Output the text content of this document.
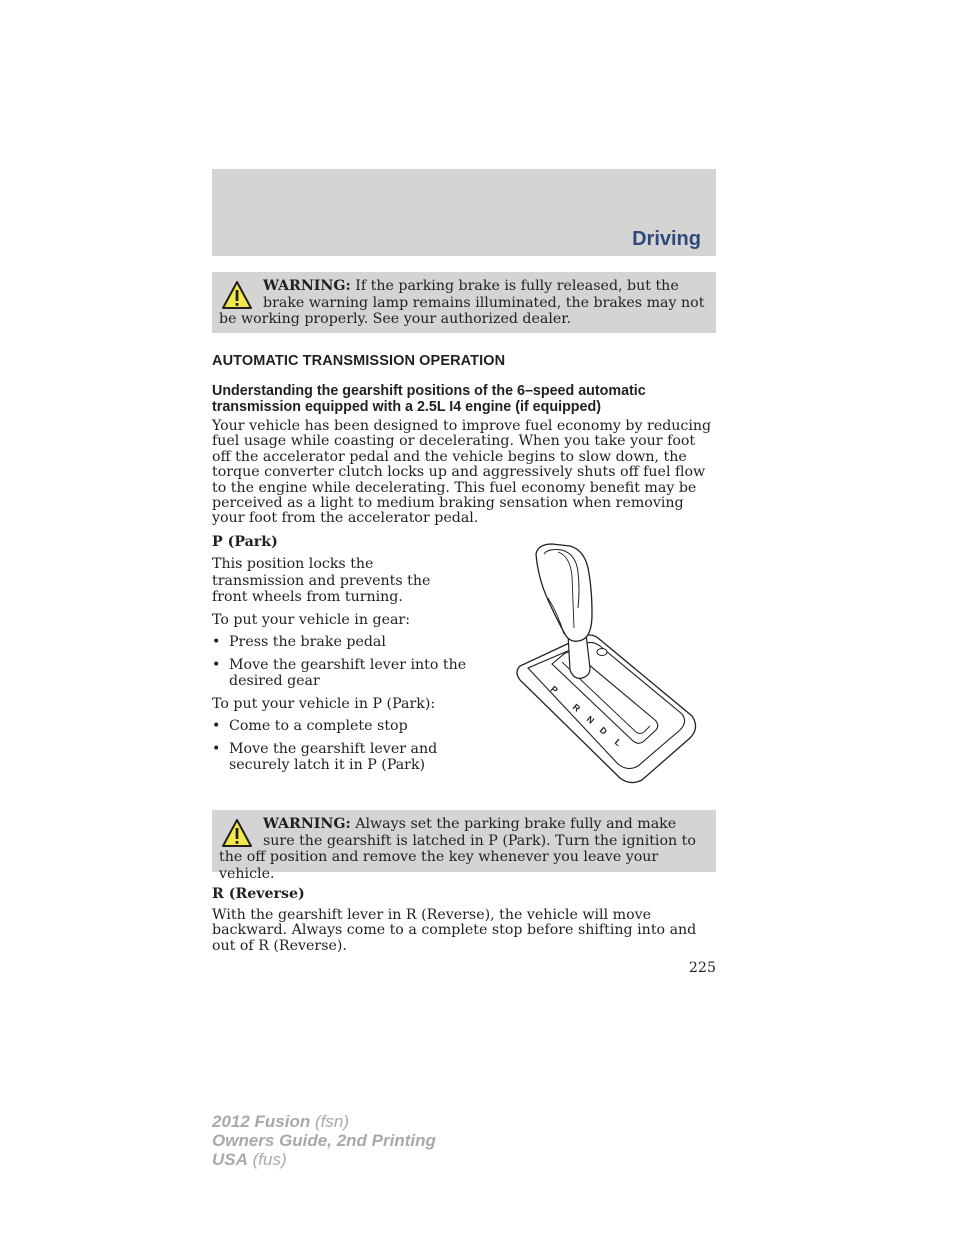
Driving
WARNING: If the parking brake is fully released, but the brake warning lamp remains illuminated, the brakes may not be working properly. See your authorized dealer.
AUTOMATIC TRANSMISSION OPERATION
Understanding the gearshift positions of the 6–speed automatic transmission equipped with a 2.5L I4 engine (if equipped)

Your vehicle has been designed to improve fuel economy by reducing fuel usage while coasting or decelerating. When you take your foot off the accelerator pedal and the vehicle begins to slow down, the torque converter clutch locks up and aggressively shuts off fuel flow to the engine while decelerating. This fuel economy benefit may be perceived as a light to medium braking sensation when removing your foot from the accelerator pedal.

P (Park)

This position locks the transmission and prevents the front wheels from turning.

To put your vehicle in gear:

• Press the brake pedal
• Move the gearshift lever into the desired gear

To put your vehicle in P (Park):

• Come to a complete stop
• Move the gearshift lever and securely latch it in P (Park)
P
R
N
D
L
WARNING: Always set the parking brake fully and make sure the gearshift is latched in P (Park). Turn the ignition to the off position and remove the key whenever you leave your vehicle.
R (Reverse)

With the gearshift lever in R (Reverse), the vehicle will move backward. Always come to a complete stop before shifting into and out of R (Reverse).

225
2012 Fusion (fsn)
Owners Guide, 2nd Printing
USA (fus)
